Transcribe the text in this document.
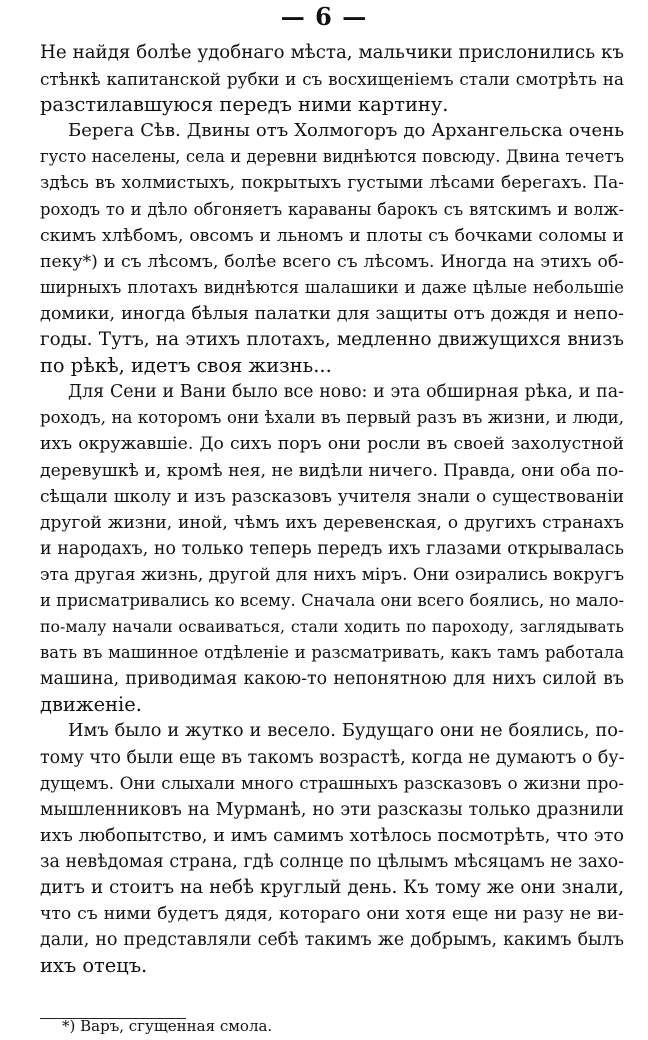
— 6 —
Не найдя болѣе удобнаго мѣста, мальчики прислонились къ
стѣнкѣ капитанской рубки и съ восхищеніемъ стали смотрѣть на
разстилавшуюся передъ ними картину.
Берега Сѣв. Двины отъ Холмогоръ до Архангельска очень
густо населены, села и деревни виднѣются повсюду. Двина течетъ
здѣсь въ холмистыхъ, покрытыхъ густыми лѣсами берегахъ. Па-
роходъ то и дѣло обгоняетъ караваны барокъ съ вятскимъ и волж-
скимъ хлѣбомъ, овсомъ и льномъ и плоты съ бочками соломы и
пеку*) и съ лѣсомъ, болѣе всего съ лѣсомъ. Иногда на этихъ об-
ширныхъ плотахъ виднѣются шалашики и даже цѣлые небольшіе
домики, иногда бѣлыя палатки для защиты отъ дождя и непо-
годы. Тутъ, на этихъ плотахъ, медленно движущихся внизъ
по рѣкѣ, идетъ своя жизнь...
Для Сени и Вани было все ново: и эта обширная рѣка, и па-
роходъ, на которомъ они ѣхали въ первый разъ въ жизни, и люди,
ихъ окружавшіе. До сихъ поръ они росли въ своей захолустной
деревушкѣ и, кромѣ нея, не видѣли ничего. Правда, они оба по-
сѣщали школу и изъ разсказовъ учителя знали о существованіи
другой жизни, иной, чѣмъ ихъ деревенская, о другихъ странахъ
и народахъ, но только теперь передъ ихъ глазами открывалась
эта другая жизнь, другой для нихъ міръ. Они озирались вокругъ
и присматривались ко всему. Сначала они всего боялись, но мало-
по-малу начали осваиваться, стали ходить по пароходу, заглядывать
вать въ машинное отдѣленіе и разсматривать, какъ тамъ работала
машина, приводимая какою-то непонятною для нихъ силой въ
движеніе.
Имъ было и жутко и весело. Будущаго они не боялись, по-
тому что были еще въ такомъ возрастѣ, когда не думаютъ о бу-
дущемъ. Они слыхали много страшныхъ разсказовъ о жизни про-
мышленниковъ на Мурманѣ, но эти разсказы только дразнили
ихъ любопытство, и имъ самимъ хотѣлось посмотрѣть, что это
за невѣдомая страна, гдѣ солнце по цѣлымъ мѣсяцамъ не захо-
дитъ и стоитъ на небѣ круглый день. Къ тому же они знали,
что съ ними будетъ дядя, котораго они хотя еще ни разу не ви-
дали, но представляли себѣ такимъ же добрымъ, какимъ былъ
ихъ отецъ.
*) Варъ, сгущенная смола.
